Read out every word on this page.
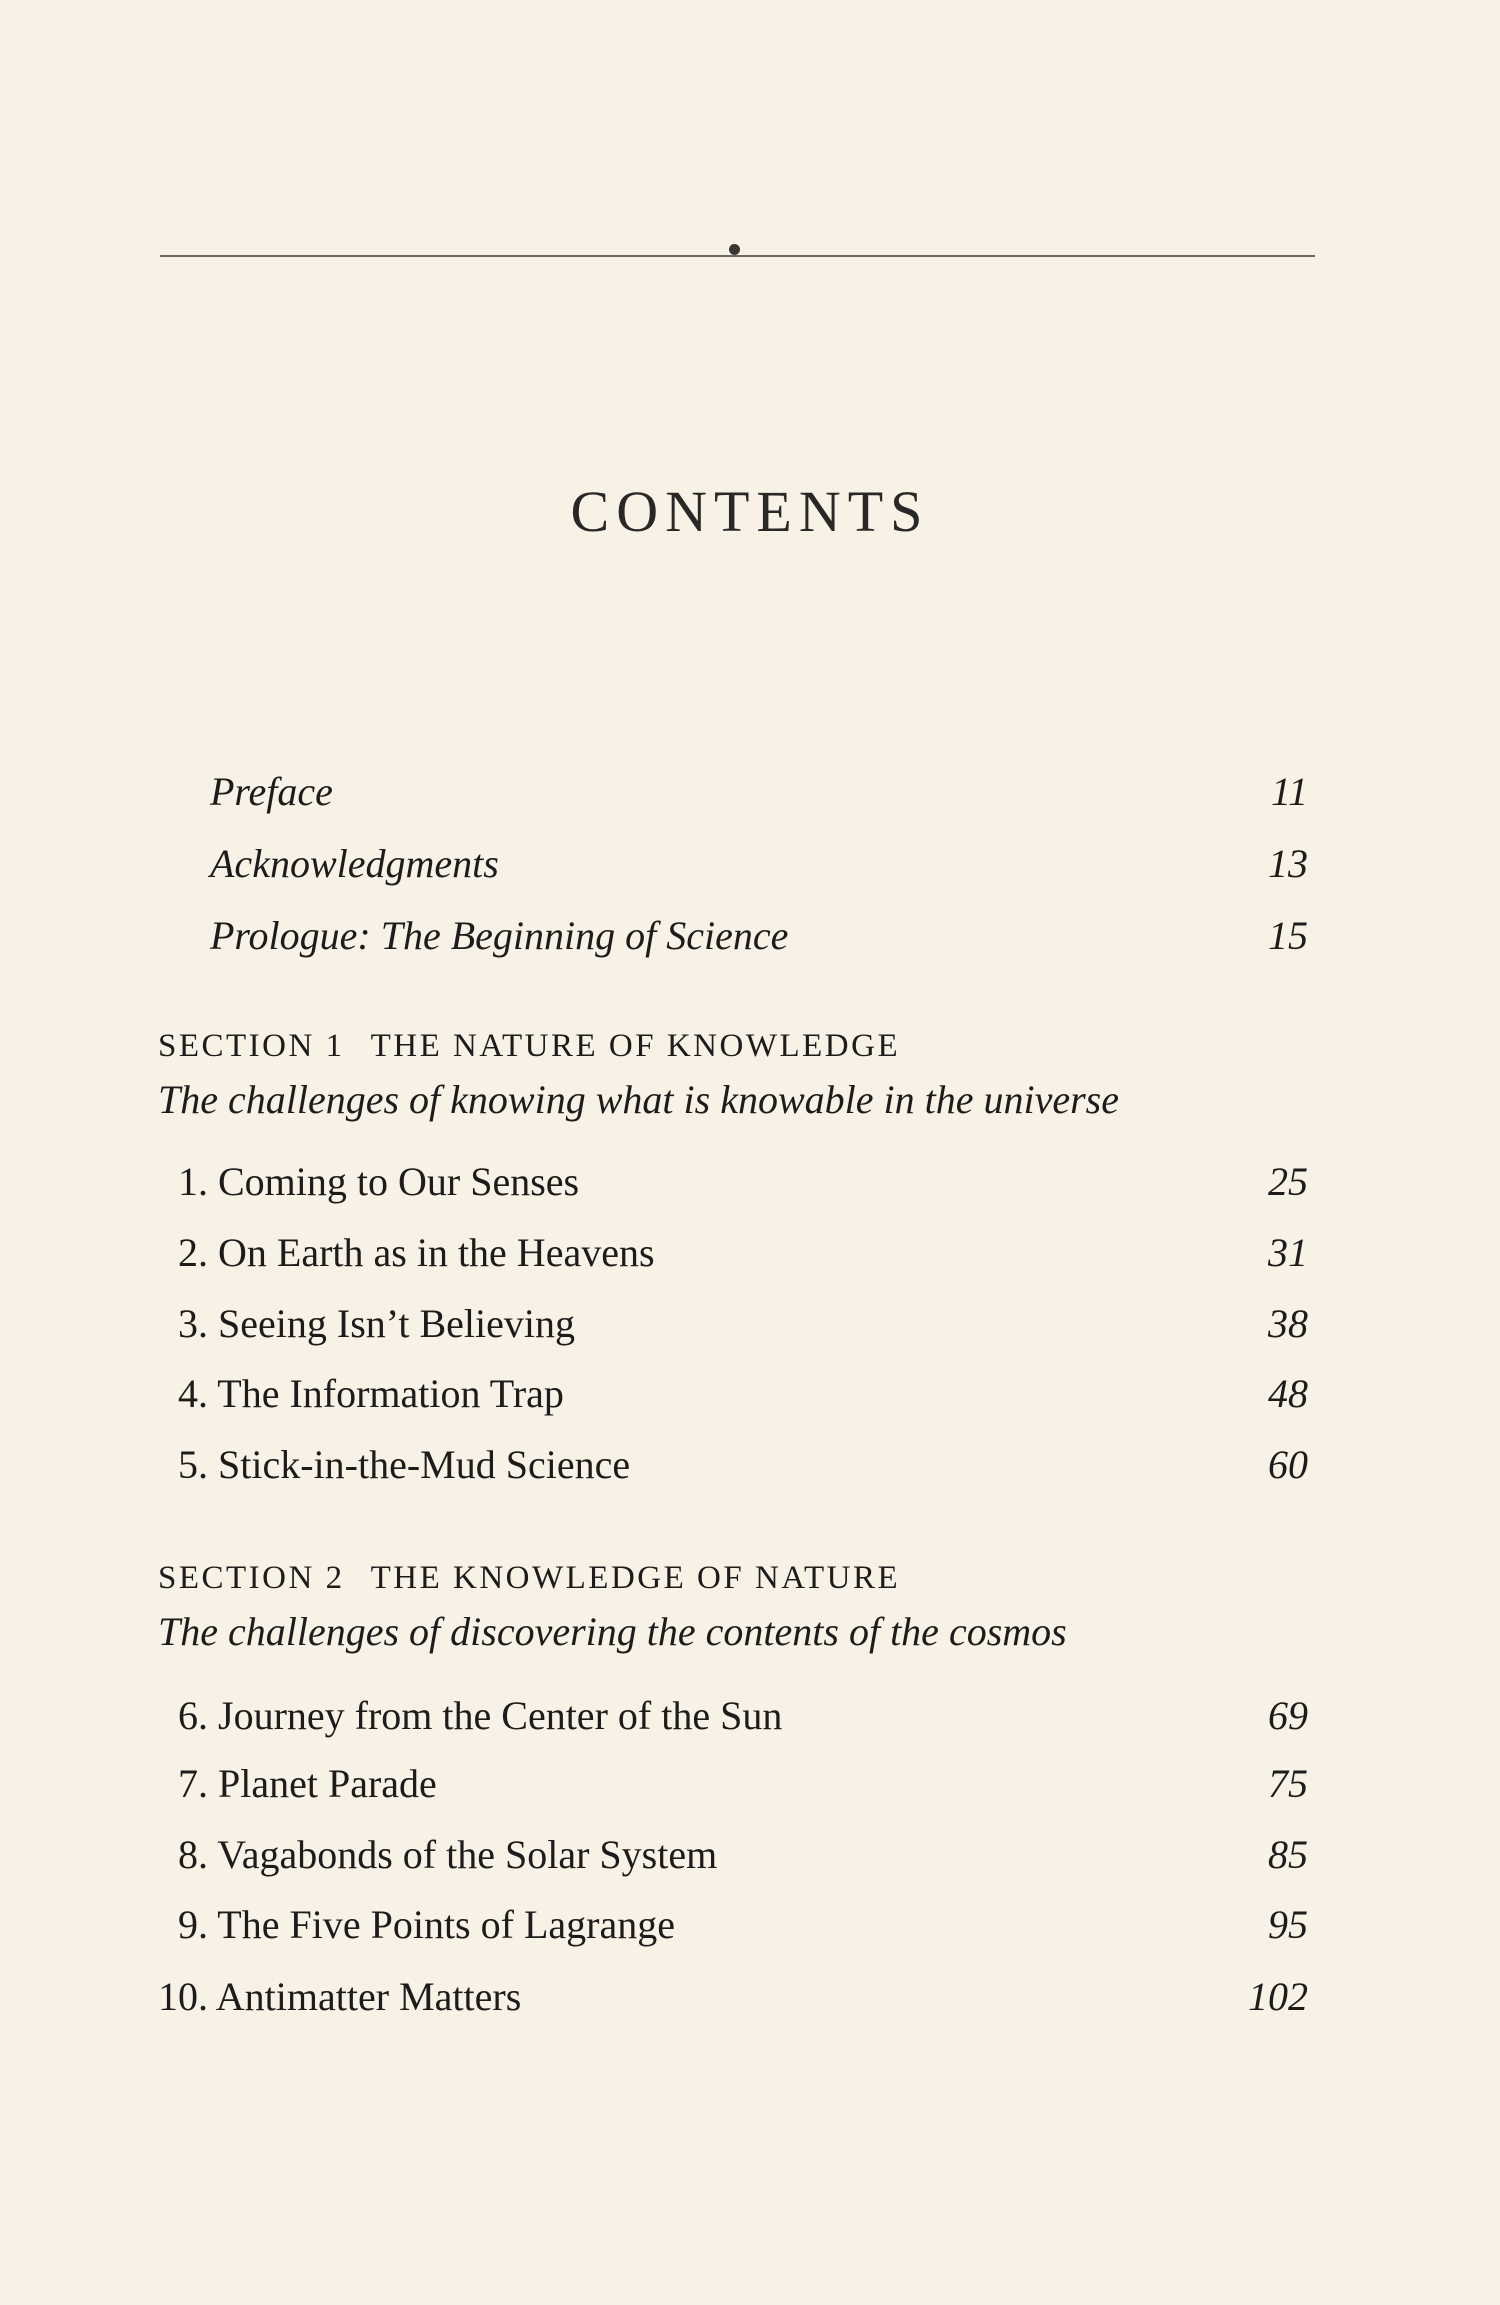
CONTENTS
Preface	11
Acknowledgments	13
Prologue: The Beginning of Science	15
SECTION 1 THE NATURE OF KNOWLEDGE
The challenges of knowing what is knowable in the universe
1. Coming to Our Senses	25
2. On Earth as in the Heavens	31
3. Seeing Isn’t Believing	38
4. The Information Trap	48
5. Stick-in-the-Mud Science	60
SECTION 2 THE KNOWLEDGE OF NATURE
The challenges of discovering the contents of the cosmos
6. Journey from the Center of the Sun	69
7. Planet Parade	75
8. Vagabonds of the Solar System	85
9. The Five Points of Lagrange	95
10. Antimatter Matters	102
